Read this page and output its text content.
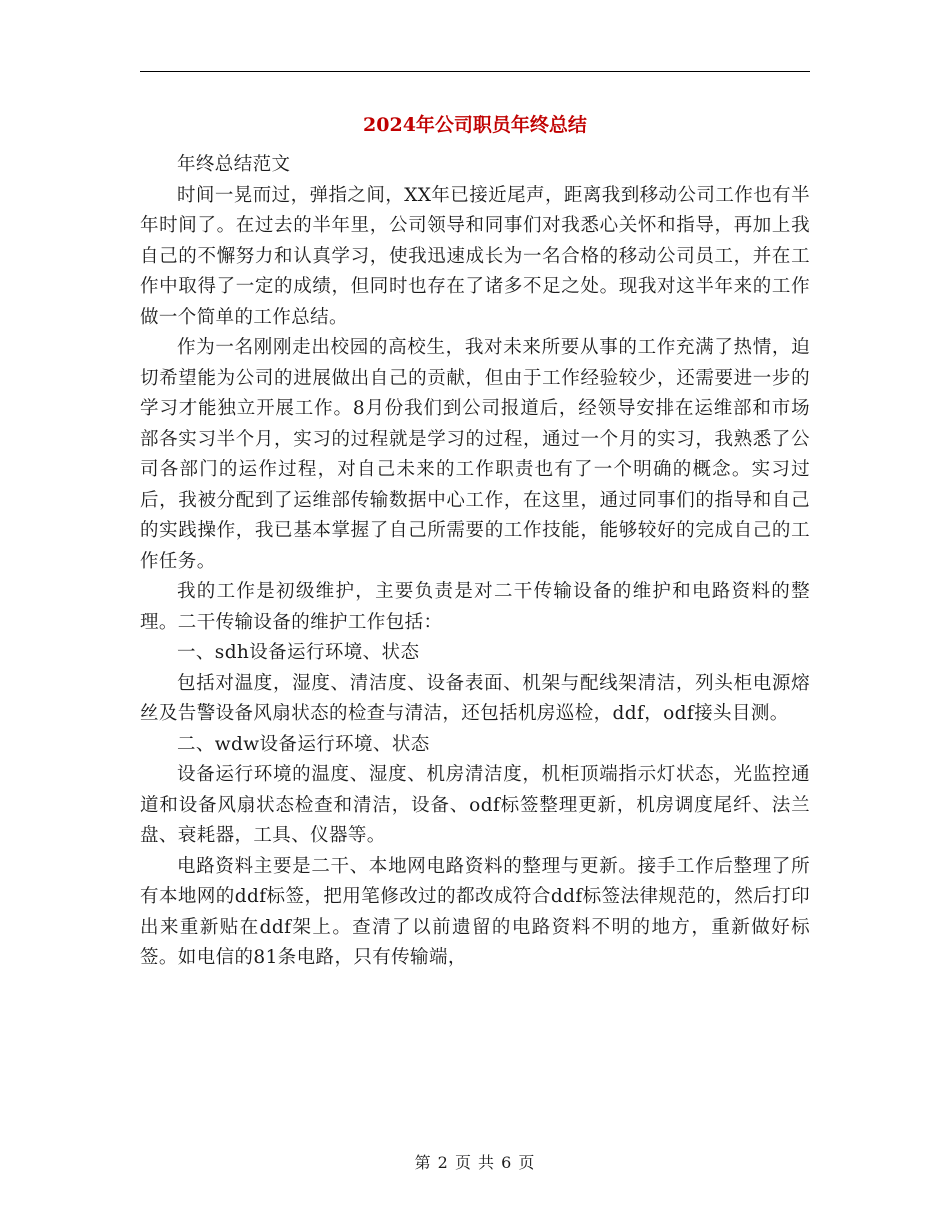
2024年公司职员年终总结

年终总结范文

时间一晃而过，弹指之间，XX年已接近尾声，距离我到移动公司工作也有半年时间了。在过去的半年里，公司领导和同事们对我悉心关怀和指导，再加上我自己的不懈努力和认真学习，使我迅速成长为一名合格的移动公司员工，并在工作中取得了一定的成绩，但同时也存在了诸多不足之处。现我对这半年来的工作做一个简单的工作总结。

作为一名刚刚走出校园的高校生，我对未来所要从事的工作充满了热情，迫切希望能为公司的进展做出自己的贡献，但由于工作经验较少，还需要进一步的学习才能独立开展工作。8月份我们到公司报道后，经领导安排在运维部和市场部各实习半个月，实习的过程就是学习的过程，通过一个月的实习，我熟悉了公司各部门的运作过程，对自己未来的工作职责也有了一个明确的概念。实习过后，我被分配到了运维部传输数据中心工作，在这里，通过同事们的指导和自己的实践操作，我已基本掌握了自己所需要的工作技能，能够较好的完成自己的工作任务。

我的工作是初级维护，主要负责是对二干传输设备的维护和电路资料的整理。二干传输设备的维护工作包括：

一、sdh设备运行环境、状态

包括对温度，湿度、清洁度、设备表面、机架与配线架清洁，列头柜电源熔丝及告警设备风扇状态的检查与清洁，还包括机房巡检，ddf，odf接头目测。

二、wdw设备运行环境、状态

设备运行环境的温度、湿度、机房清洁度，机柜顶端指示灯状态，光监控通道和设备风扇状态检查和清洁，设备、odf标签整理更新，机房调度尾纤、法兰盘、衰耗器，工具、仪器等。

电路资料主要是二干、本地网电路资料的整理与更新。接手工作后整理了所有本地网的ddf标签，把用笔修改过的都改成符合ddf标签法律规范的，然后打印出来重新贴在ddf架上。查清了以前遗留的电路资料不明的地方，重新做好标签。如电信的81条电路，只有传输端，

第 2 页 共 6 页
